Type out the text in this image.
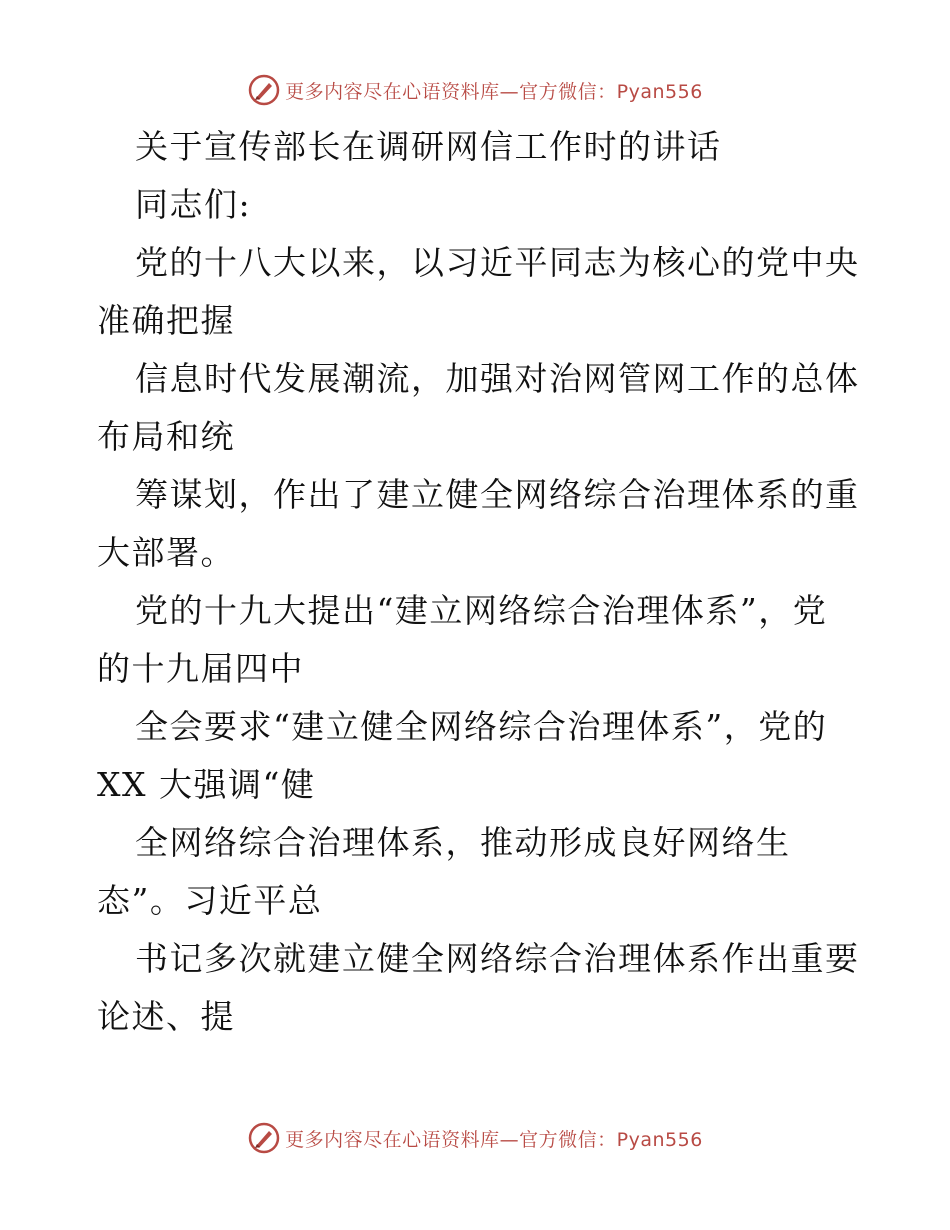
更多内容尽在心语资料库—官方微信：Pyan556
关于宣传部长在调研网信工作时的讲话
同志们:
党的十八大以来，以习近平同志为核心的党中央
准确把握
信息时代发展潮流，加强对治网管网工作的总体
布局和统
筹谋划，作出了建立健全网络综合治理体系的重
大部署。
党的十九大提出“建立网络综合治理体系”，党
的十九届四中
全会要求“建立健全网络综合治理体系”，党的
XX 大强调“健
全网络综合治理体系，推动形成良好网络生
态”。习近平总
书记多次就建立健全网络综合治理体系作出重要
论述、提
更多内容尽在心语资料库—官方微信：Pyan556
